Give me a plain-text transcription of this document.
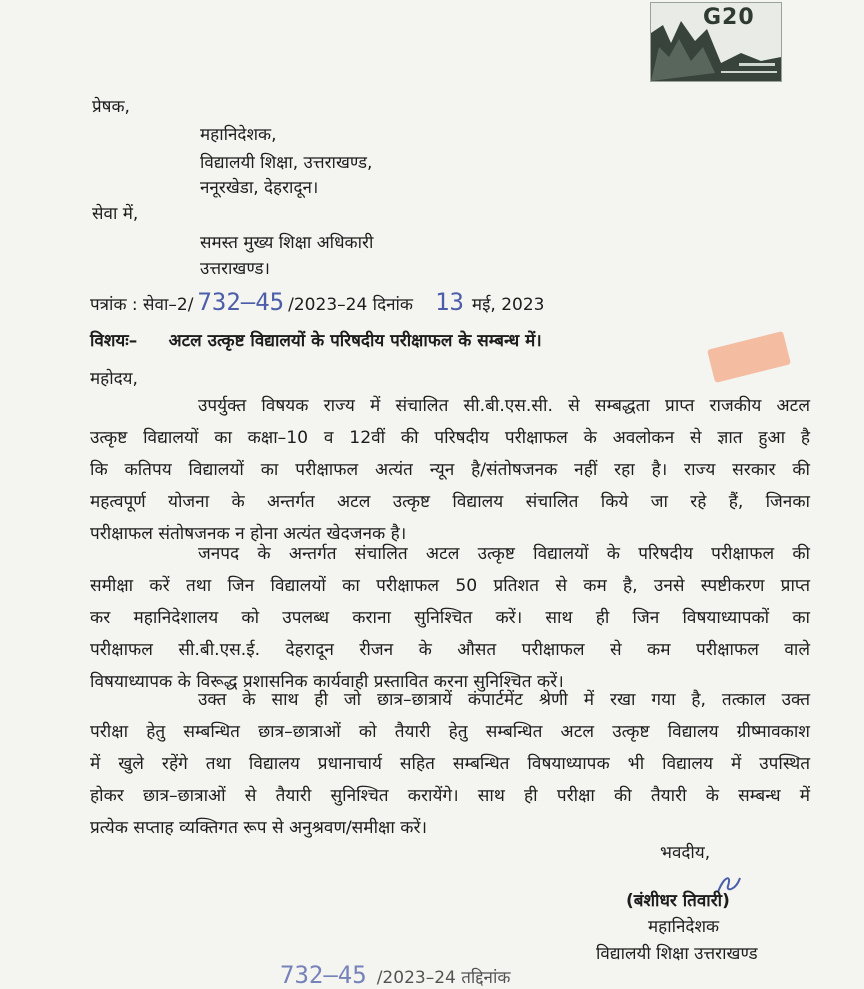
G20
प्रेषक,
महानिदेशक,
विद्यालयी शिक्षा, उत्तराखण्ड,
ननूरखेडा, देहरादून।
सेवा में,
समस्त मुख्य शिक्षा अधिकारी
उत्तराखण्ड।
पत्रांक : सेवा–2/ 732–45 /2023–24 दिनांक 13 मई, 2023
विशयः– अटल उत्कृष्ट विद्यालयों के परिषदीय परीक्षाफल के सम्बन्ध में।
महोदय,
उपर्युक्त विषयक राज्य में संचालित सी.बी.एस.सी. से सम्बद्धता प्राप्त राजकीय अटल
उत्कृष्ट विद्यालयों का कक्षा–10 व 12वीं की परिषदीय परीक्षाफल के अवलोकन से ज्ञात हुआ है
कि कतिपय विद्यालयों का परीक्षाफल अत्यंत न्यून है/संतोषजनक नहीं रहा है। राज्य सरकार की
महत्वपूर्ण योजना के अन्तर्गत अटल उत्कृष्ट विद्यालय संचालित किये जा रहे हैं, जिनका
परीक्षाफल संतोषजनक न होना अत्यंत खेदजनक है।
जनपद के अन्तर्गत संचालित अटल उत्कृष्ट विद्यालयों के परिषदीय परीक्षाफल की
समीक्षा करें तथा जिन विद्यालयों का परीक्षाफल 50 प्रतिशत से कम है, उनसे स्पष्टीकरण प्राप्त
कर महानिदेशालय को उपलब्ध कराना सुनिश्चित करें। साथ ही जिन विषयाध्यापकों का
परीक्षाफल सी.बी.एस.ई. देहरादून रीजन के औसत परीक्षाफल से कम परीक्षाफल वाले
विषयाध्यापक के विरूद्ध प्रशासनिक कार्यवाही प्रस्तावित करना सुनिश्चित करें।
उक्त के साथ ही जो छात्र–छात्रायें कंपार्टमेंट श्रेणी में रखा गया है, तत्काल उक्त
परीक्षा हेतु सम्बन्धित छात्र–छात्राओं को तैयारी हेतु सम्बन्धित अटल उत्कृष्ट विद्यालय ग्रीष्मावकाश
में खुले रहेंगे तथा विद्यालय प्रधानाचार्य सहित सम्बन्धित विषयाध्यापक भी विद्यालय में उपस्थित
होकर छात्र–छात्राओं से तैयारी सुनिश्चित करायेंगे। साथ ही परीक्षा की तैयारी के सम्बन्ध में
प्रत्येक सप्ताह व्यक्तिगत रूप से अनुश्रवण/समीक्षा करें।
भवदीय,
(बंशीधर तिवारी)
महानिदेशक
विद्यालयी शिक्षा उत्तराखण्ड
732–45 /2023–24 तद्दिनांक
